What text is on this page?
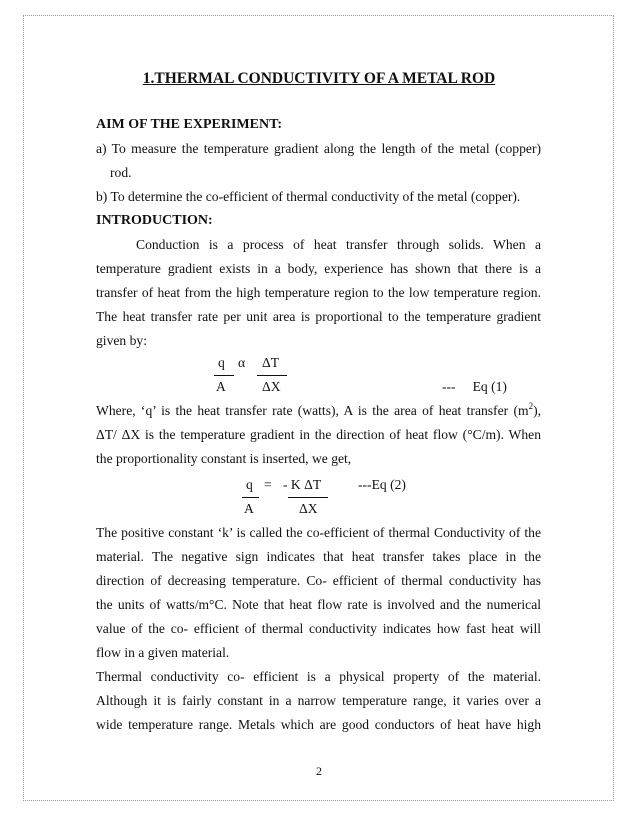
1.THERMAL CONDUCTIVITY OF A METAL ROD
AIM OF THE EXPERIMENT:
a) To measure the temperature gradient along the length of the metal (copper)
rod.
b) To determine the co-efficient of thermal conductivity of the metal (copper).
INTRODUCTION:
Conduction is a process of heat transfer through solids. When a
temperature gradient exists in a body, experience has shown that there is a
transfer of heat from the high temperature region to the low temperature region.
The heat transfer rate per unit area is proportional to the temperature gradient
given by:
q α ΔT
A	ΔX	---     Eq (1)
Where, ‘q’ is the heat transfer rate (watts), A is the area of heat transfer $(m^2)$,
ΔT/ ΔX is the temperature gradient in the direction of heat flow (°C/m). When
the proportionality constant is inserted, we get,
q = - K ΔT	---Eq (2)
A	ΔX
The positive constant ‘k’ is called the co-efficient of thermal Conductivity of the
material. The negative sign indicates that heat transfer takes place in the
direction of decreasing temperature. Co- efficient of thermal conductivity has
the units of watts/m°C. Note that heat flow rate is involved and the numerical
value of the co- efficient of thermal conductivity indicates how fast heat will
flow in a given material.
Thermal conductivity co- efficient is a physical property of the material.
Although it is fairly constant in a narrow temperature range, it varies over a
wide temperature range. Metals which are good conductors of heat have high
2
